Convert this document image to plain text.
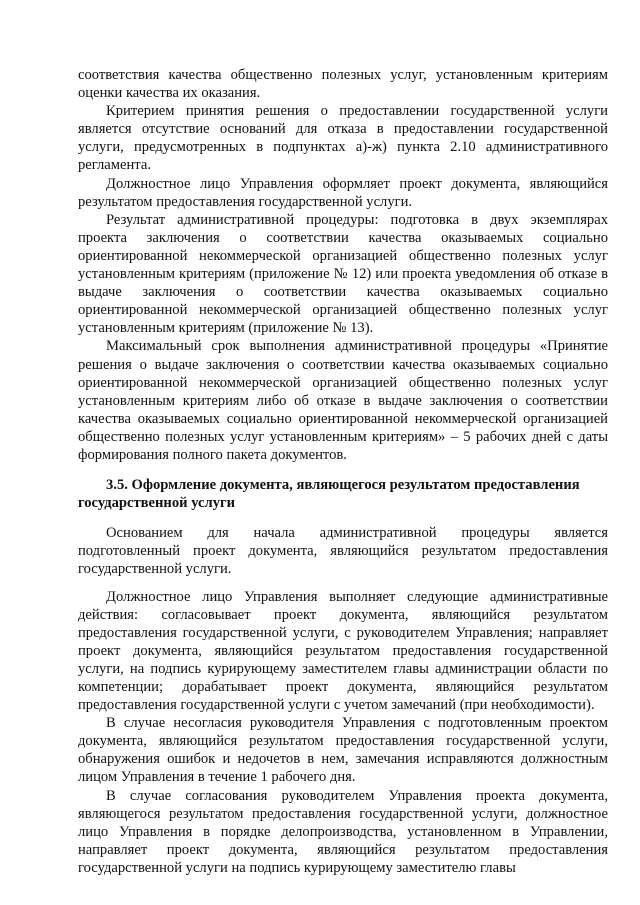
соответствия качества общественно полезных услуг, установленным критериям оценки качества их оказания.

Критерием принятия решения о предоставлении государственной услуги является отсутствие оснований для отказа в предоставлении государственной услуги, предусмотренных в подпунктах а)-ж) пункта 2.10 административного регламента.

Должностное лицо Управления оформляет проект документа, являющийся результатом предоставления государственной услуги.

Результат административной процедуры: подготовка в двух экземплярах проекта заключения о соответствии качества оказываемых социально ориентированной некоммерческой организацией общественно полезных услуг установленным критериям (приложение № 12) или проекта уведомления об отказе в выдаче заключения о соответствии качества оказываемых социально ориентированной некоммерческой организацией общественно полезных услуг установленным критериям (приложение № 13).

Максимальный срок выполнения административной процедуры «Принятие решения о выдаче заключения о соответствии качества оказываемых социально ориентированной некоммерческой организацией общественно полезных услуг установленным критериям либо об отказе в выдаче заключения о соответствии качества оказываемых социально ориентированной некоммерческой организацией общественно полезных услуг установленным критериям» – 5 рабочих дней с даты формирования полного пакета документов.

3.5. Оформление документа, являющегося результатом предоставления государственной услуги

Основанием для начала административной процедуры является подготовленный проект документа, являющийся результатом предоставления государственной услуги.

Должностное лицо Управления выполняет следующие административные действия: согласовывает проект документа, являющийся результатом предоставления государственной услуги, с руководителем Управления; направляет проект документа, являющийся результатом предоставления государственной услуги, на подпись курирующему заместителем главы администрации области по компетенции; дорабатывает проект документа, являющийся результатом предоставления государственной услуги с учетом замечаний (при необходимости).

В случае несогласия руководителя Управления с подготовленным проектом документа, являющийся результатом предоставления государственной услуги, обнаружения ошибок и недочетов в нем, замечания исправляются должностным лицом Управления в течение 1 рабочего дня.

В случае согласования руководителем Управления проекта документа, являющегося результатом предоставления государственной услуги, должностное лицо Управления в порядке делопроизводства, установленном в Управлении, направляет проект документа, являющийся результатом предоставления государственной услуги на подпись курирующему заместителю главы
